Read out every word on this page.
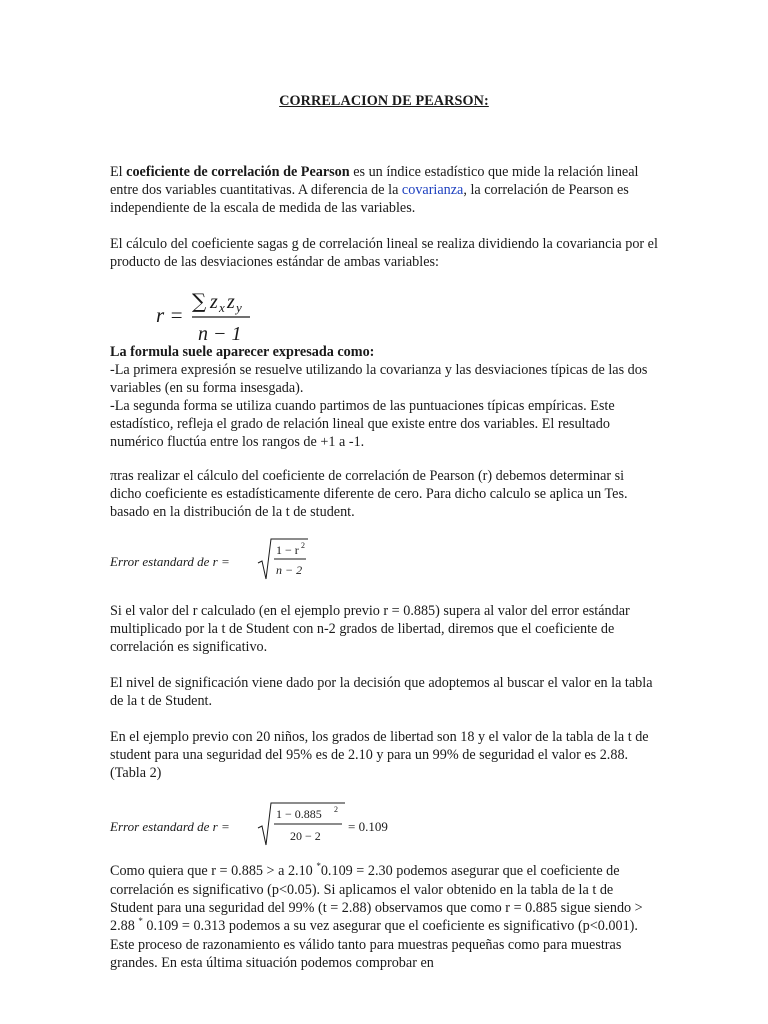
CORRELACION DE PEARSON:

El coeficiente de correlación de Pearson es un índice estadístico que mide la relación lineal entre dos variables cuantitativas. A diferencia de la covarianza, la correlación de Pearson es independiente de la escala de medida de las variables.

El cálculo del coeficiente sagas g de correlación lineal se realiza dividiendo la covariancia por el producto de las desviaciones estándar de ambas variables:

La formula suele aparecer expresada como:
-La primera expresión se resuelve utilizando la covarianza y las desviaciones típicas de las dos variables (en su forma insesgada).
-La segunda forma se utiliza cuando partimos de las puntuaciones típicas empíricas. Este estadístico, refleja el grado de relación lineal que existe entre dos variables. El resultado numérico fluctúa entre los rangos de +1 a -1.

πras realizar el cálculo del coeficiente de correlación de Pearson (r) debemos determinar si dicho coeficiente es estadísticamente diferente de cero. Para dicho calculo se aplica un Tes. basado en la distribución de la t de student.

Si el valor del r calculado (en el ejemplo previo r = 0.885) supera al valor del error estándar multiplicado por la t de Student con n-2 grados de libertad, diremos que el coeficiente de correlación es significativo.

El nivel de significación viene dado por la decisión que adoptemos al buscar el valor en la tabla de la t de Student.

En el ejemplo previo con 20 niños, los grados de libertad son 18 y el valor de la tabla de la t de student para una seguridad del 95% es de 2.10 y para un 99% de seguridad el valor es 2.88. (Tabla 2)

Como quiera que r = 0.885 > a 2.10 *0.109 = 2.30 podemos asegurar que el coeficiente de correlación es significativo (p<0.05). Si aplicamos el valor obtenido en la tabla de la t de Student para una seguridad del 99% (t = 2.88) observamos que como r = 0.885 sigue siendo > 2.88 * 0.109 = 0.313 podemos a su vez asegurar que el coeficiente es significativo (p<0.001). Este proceso de razonamiento es válido tanto para muestras pequeñas como para muestras grandes. En esta última situación podemos comprobar en

r =
∑ z x z y
n − 1
Error estandard de r =
1 − r 2
n − 2
Error estandard de r =
1 − 0.885 2
20 − 2
= 0.109
